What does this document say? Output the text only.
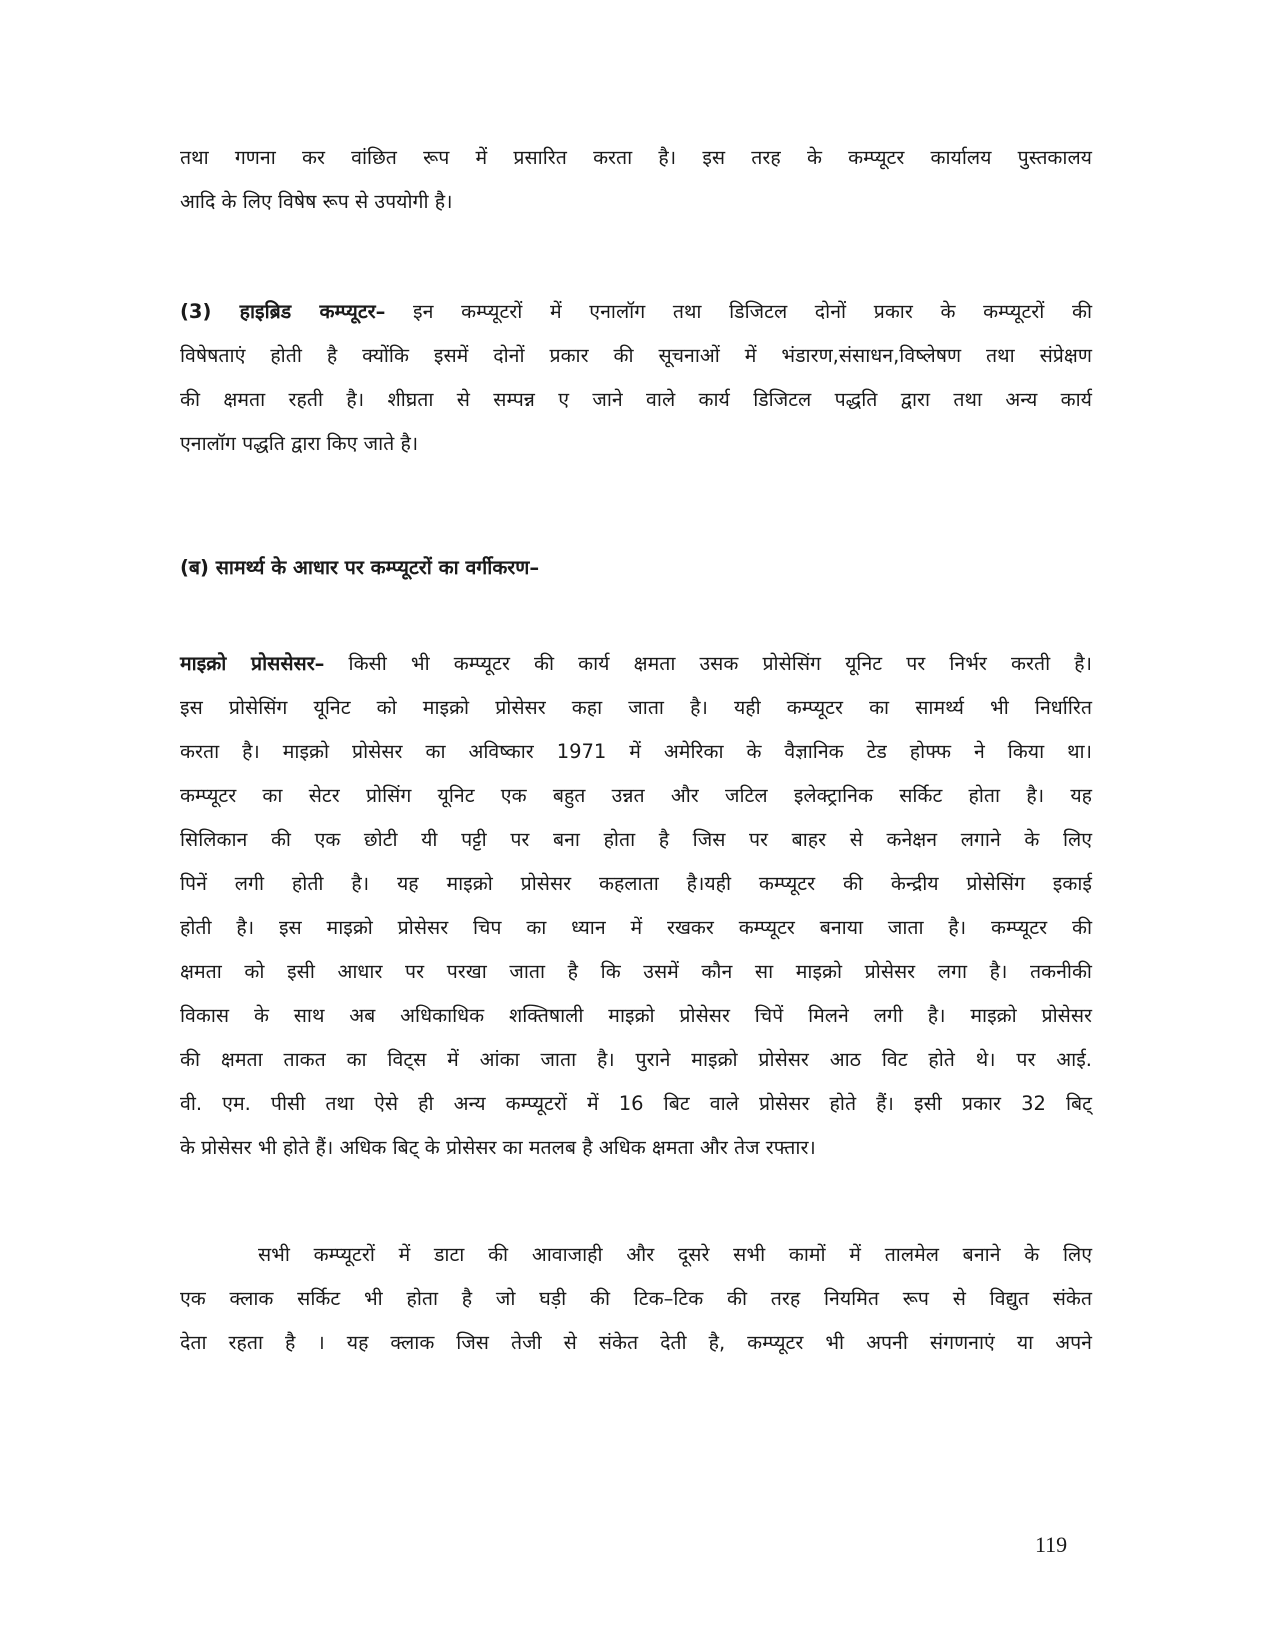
तथा गणना कर वांछित रूप में प्रसारित करता है। इस तरह के कम्प्यूटर कार्यालय पुस्तकालय
आदि के लिए विषेष रूप से उपयोगी है।
(3) हाइब्रिड कम्प्यूटर– इन कम्प्यूटरों में एनालॉग तथा डिजिटल दोनों प्रकार के कम्प्यूटरों की
विषेषताएं होती है क्योंकि इसमें दोनों प्रकार की सूचनाओं में भंडारण,संसाधन,विष्लेषण तथा संप्रेक्षण
की क्षमता रहती है। शीघ्रता से सम्पन्न ए जाने वाले कार्य डिजिटल पद्धति द्वारा तथा अन्य कार्य
एनालॉग पद्धति द्वारा किए जाते है।
(ब) सामर्थ्य के आधार पर कम्प्यूटरों का वर्गीकरण–
माइक्रो प्रोससेसर– किसी भी कम्प्यूटर की कार्य क्षमता उसक प्रोसेसिंग यूनिट पर निर्भर करती है।
इस प्रोसेसिंग यूनिट को माइक्रो प्रोसेसर कहा जाता है। यही कम्प्यूटर का सामर्थ्य भी निर्धारित
करता है। माइक्रो प्रोसेसर का अविष्कार 1971 में अमेरिका के वैज्ञानिक टेड होफ्फ ने किया था।
कम्प्यूटर का सेटर प्रोसिंग यूनिट एक बहुत उन्नत और जटिल इलेक्ट्रानिक सर्किट होता है। यह
सिलिकान की एक छोटी यी पट्टी पर बना होता है जिस पर बाहर से कनेक्षन लगाने के लिए
पिनें लगी होती है। यह माइक्रो प्रोसेसर कहलाता है।यही कम्प्यूटर की केन्द्रीय प्रोसेसिंग इकाई
होती है। इस माइक्रो प्रोसेसर चिप का ध्यान में रखकर कम्प्यूटर बनाया जाता है। कम्प्यूटर की
क्षमता को इसी आधार पर परखा जाता है कि उसमें कौन सा माइक्रो प्रोसेसर लगा है। तकनीकी
विकास के साथ अब अधिकाधिक शक्तिषाली माइक्रो प्रोसेसर चिपें मिलने लगी है। माइक्रो प्रोसेसर
की क्षमता ताकत का विट्स में आंका जाता है। पुराने माइक्रो प्रोसेसर आठ विट होते थे। पर आई.
वी. एम. पीसी तथा ऐसे ही अन्य कम्प्यूटरों में 16 बिट वाले प्रोसेसर होते हैं। इसी प्रकार 32 बिट्
के प्रोसेसर भी होते हैं। अधिक बिट् के प्रोसेसर का मतलब है अधिक क्षमता और तेज रफ्तार।
सभी कम्प्यूटरों में डाटा की आवाजाही और दूसरे सभी कामों में तालमेल बनाने के लिए
एक क्लाक सर्किट भी होता है जो घड़ी की टिक–टिक की तरह नियमित रूप से विद्युत संकेत
देता रहता है । यह क्लाक जिस तेजी से संकेत देती है, कम्प्यूटर भी अपनी संगणनाएं या अपने
119
